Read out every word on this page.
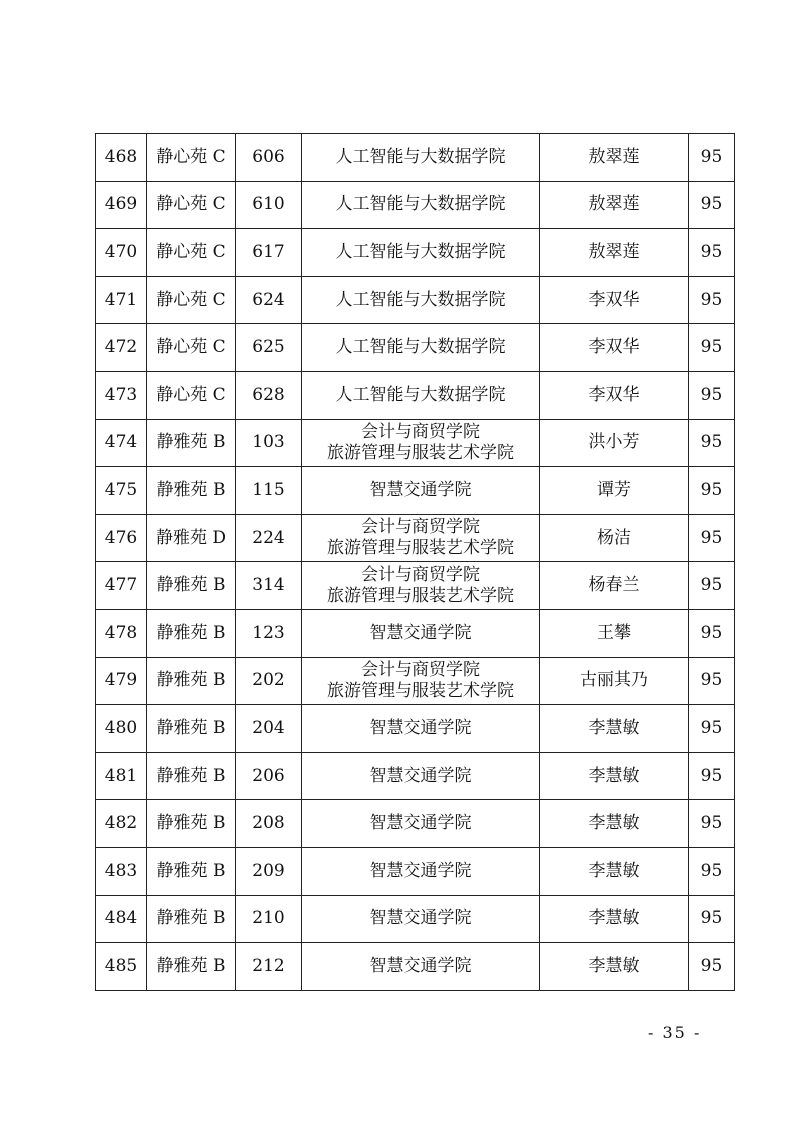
468	静心苑 C	606	人工智能与大数据学院	敖翠莲	95
469	静心苑 C	610	人工智能与大数据学院	敖翠莲	95
470	静心苑 C	617	人工智能与大数据学院	敖翠莲	95
471	静心苑 C	624	人工智能与大数据学院	李双华	95
472	静心苑 C	625	人工智能与大数据学院	李双华	95
473	静心苑 C	628	人工智能与大数据学院	李双华	95
474	静雅苑 B	103	会计与商贸学院
旅游管理与服装艺术学院	洪小芳	95
475	静雅苑 B	115	智慧交通学院	谭芳	95
476	静雅苑 D	224	会计与商贸学院
旅游管理与服装艺术学院	杨洁	95
477	静雅苑 B	314	会计与商贸学院
旅游管理与服装艺术学院	杨春兰	95
478	静雅苑 B	123	智慧交通学院	王攀	95
479	静雅苑 B	202	会计与商贸学院
旅游管理与服装艺术学院	古丽其乃	95
480	静雅苑 B	204	智慧交通学院	李慧敏	95
481	静雅苑 B	206	智慧交通学院	李慧敏	95
482	静雅苑 B	208	智慧交通学院	李慧敏	95
483	静雅苑 B	209	智慧交通学院	李慧敏	95
484	静雅苑 B	210	智慧交通学院	李慧敏	95
485	静雅苑 B	212	智慧交通学院	李慧敏	95
- 35 -
